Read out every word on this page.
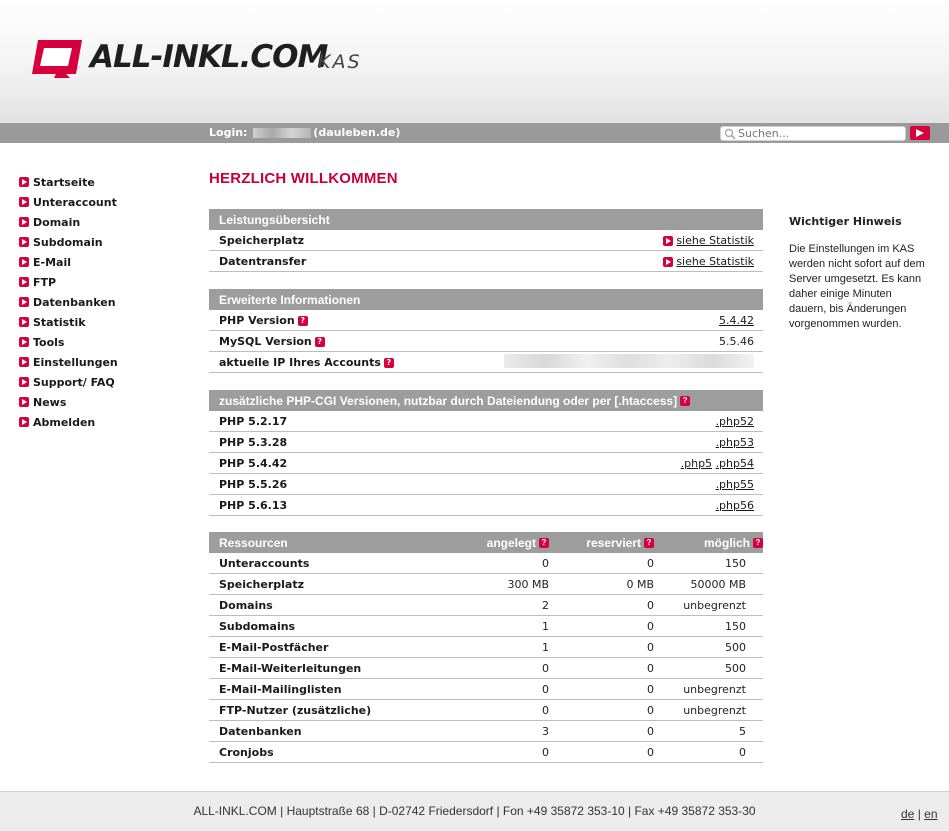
ALL-INKL.COM
KAS
Login:	(dauleben.de)
Suchen...
Startseite
Unteraccount
Domain
Subdomain
E-Mail
FTP
Datenbanken
Statistik
Tools
Einstellungen
Support/ FAQ
News
Abmelden
HERZLICH WILLKOMMEN
Leistungsübersicht
Speicherplatz	siehe Statistik
Datentransfer	siehe Statistik
Erweiterte Informationen
PHP Version ?	5.4.42
MySQL Version ?	5.5.46
aktuelle IP Ihres Accounts ?
zusätzliche PHP-CGI Versionen, nutzbar durch Dateiendung oder per [.htaccess] ?
PHP 5.2.17	.php52
PHP 5.3.28	.php53
PHP 5.4.42	.php5 .php54
PHP 5.5.26	.php55
PHP 5.6.13	.php56
Ressourcen	angelegt ?	reserviert ?	möglich ?
Unteraccounts	0	0	150
Speicherplatz	300 MB	0 MB	50000 MB
Domains	2	0	unbegrenzt
Subdomains	1	0	150
E-Mail-Postfächer	1	0	500
E-Mail-Weiterleitungen	0	0	500
E-Mail-Mailinglisten	0	0	unbegrenzt
FTP-Nutzer (zusätzliche)	0	0	unbegrenzt
Datenbanken	3	0	5
Cronjobs	0	0	0
Wichtiger Hinweis
Die Einstellungen im KAS werden nicht sofort auf dem Server umgesetzt. Es kann daher einige Minuten dauern, bis Änderungen vorgenommen wurden.
ALL-INKL.COM | Hauptstraße 68 | D-02742 Friedersdorf | Fon +49 35872 353-10 | Fax +49 35872 353-30	de | en
